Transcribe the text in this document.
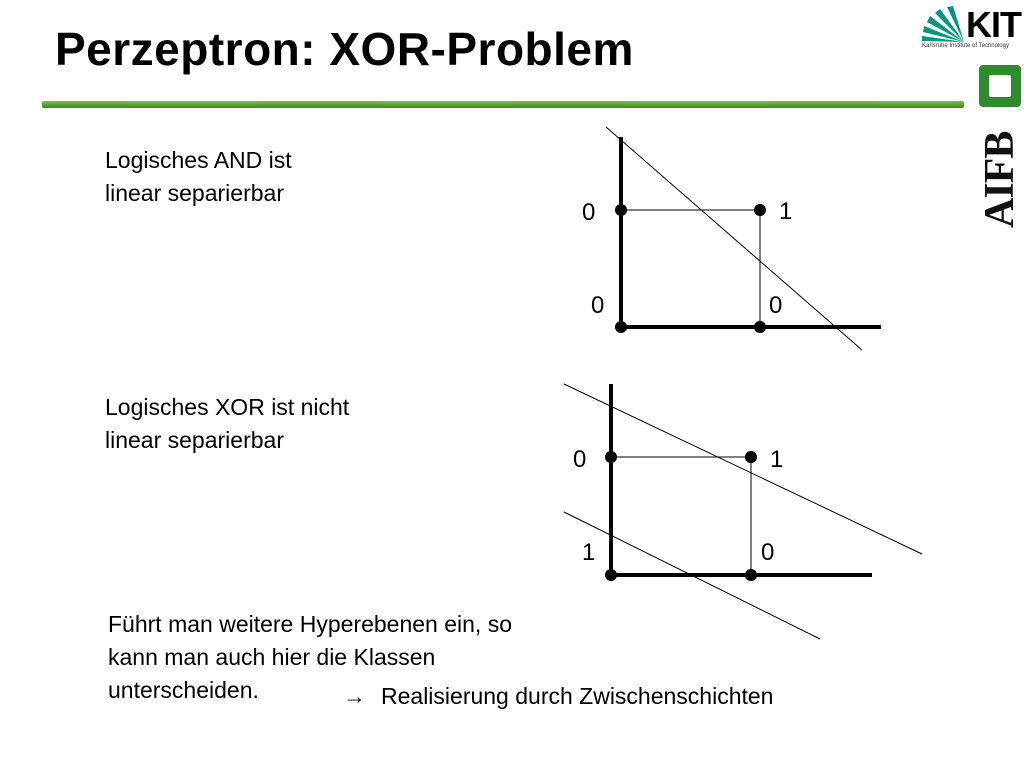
Perzeptron: XOR-Problem	KIT
Karlsruhe Institute of Technology
AIFB
Logisches AND ist
linear separierbar
Logisches XOR ist nicht
linear separierbar
Führt man weitere Hyperebenen ein, so
kann man auch hier die Klassen
unterscheiden.	→ Realisierung durch Zwischenschichten
0	1
0	0
0	1
1	0
